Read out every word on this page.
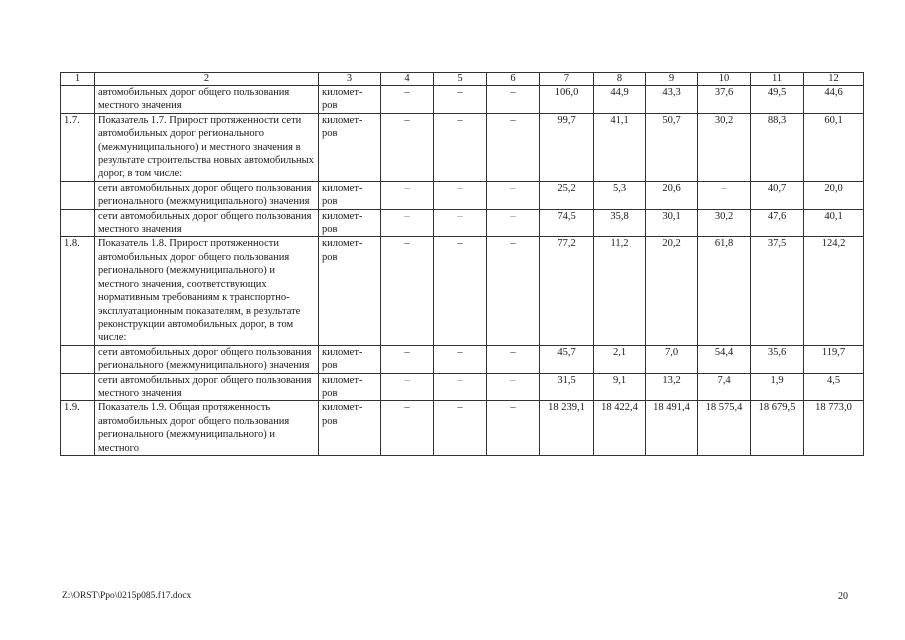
1	2	3	4	5	6	7	8	9	10	11	12
	автомобильных дорог общего пользования местного значения	километ-ров	–	–	–	106,0	44,9	43,3	37,6	49,5	44,6
1.7.	Показатель 1.7. Прирост протяженности сети автомобильных дорог регионального (межмуниципального) и местного значения в результате строительства новых автомобильных дорог, в том числе:	километ-ров	–	–	–	99,7	41,1	50,7	30,2	88,3	60,1
	сети автомобильных дорог общего пользования регионального (межмуниципального) значения	километ-ров	–	–	–	25,2	5,3	20,6	–	40,7	20,0
	сети автомобильных дорог общего пользования местного значения	километ-ров	–	–	–	74,5	35,8	30,1	30,2	47,6	40,1
1.8.	Показатель 1.8. Прирост протяженности автомобильных дорог общего пользования регионального (межмуниципального) и местного значения, соответствующих нормативным требованиям к транспортно-эксплуатационным показателям, в результате реконструкции автомобильных дорог, в том числе:	километ-ров	–	–	–	77,2	11,2	20,2	61,8	37,5	124,2
	сети автомобильных дорог общего пользования регионального (межмуниципального) значения	километ-ров	–	–	–	45,7	2,1	7,0	54,4	35,6	119,7
	сети автомобильных дорог общего пользования местного значения	километ-ров	–	–	–	31,5	9,1	13,2	7,4	1,9	4,5
1.9.	Показатель 1.9. Общая протяженность автомобильных дорог общего пользования регионального (межмуниципального) и местного	километ-ров	–	–	–	18 239,1	18 422,4	18 491,4	18 575,4	18 679,5	18 773,0
Z:\ORST\Ppo\0215p085.f17.docx	20
